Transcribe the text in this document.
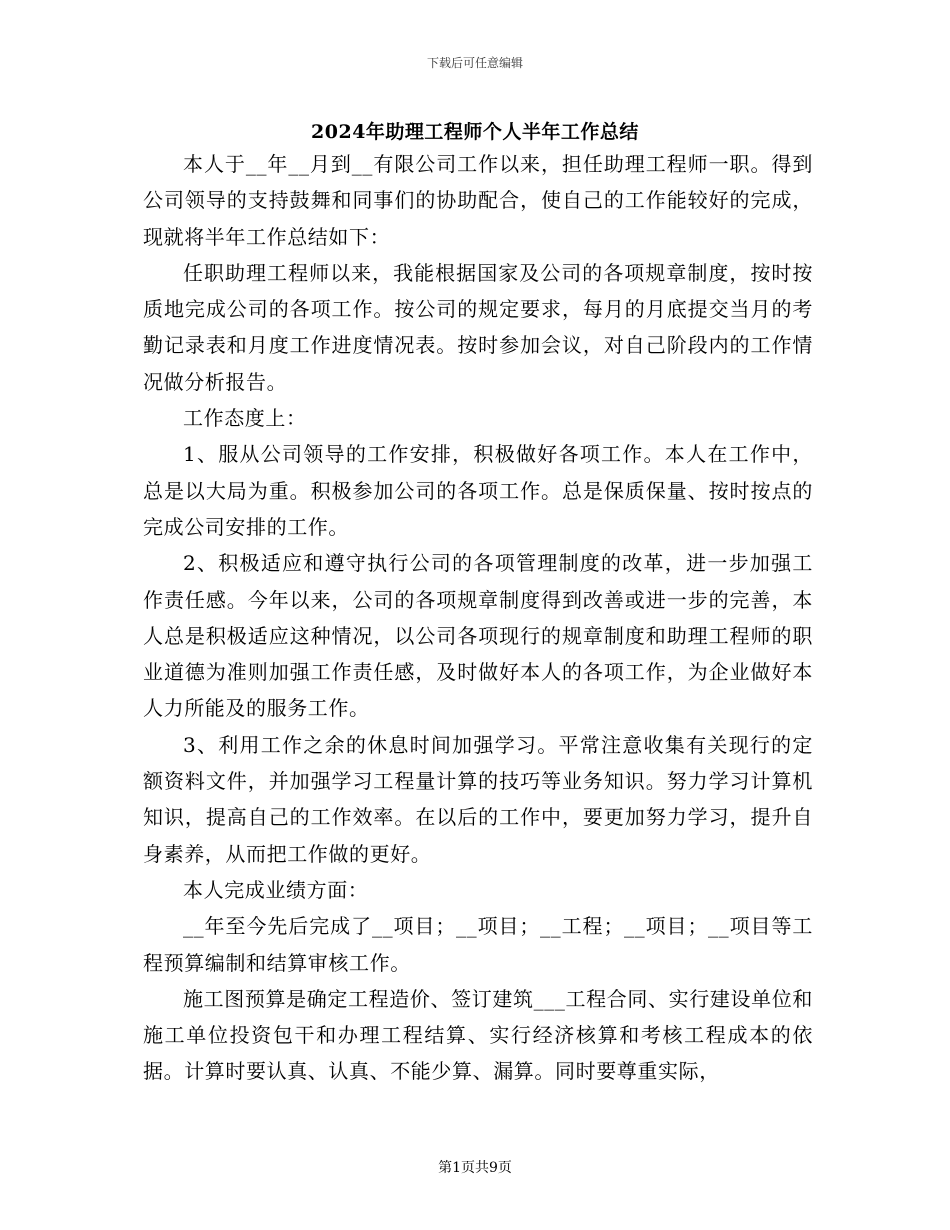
下载后可任意编辑
2024年助理工程师个人半年工作总结

本人于__年__月到__有限公司工作以来，担任助理工程师一职。得到公司领导的支持鼓舞和同事们的协助配合，使自己的工作能较好的完成，现就将半年工作总结如下：

任职助理工程师以来，我能根据国家及公司的各项规章制度，按时按质地完成公司的各项工作。按公司的规定要求，每月的月底提交当月的考勤记录表和月度工作进度情况表。按时参加会议，对自己阶段内的工作情况做分析报告。

工作态度上：

1、服从公司领导的工作安排，积极做好各项工作。本人在工作中，总是以大局为重。积极参加公司的各项工作。总是保质保量、按时按点的完成公司安排的工作。

2、积极适应和遵守执行公司的各项管理制度的改革，进一步加强工作责任感。今年以来，公司的各项规章制度得到改善或进一步的完善，本人总是积极适应这种情况，以公司各项现行的规章制度和助理工程师的职业道德为准则加强工作责任感，及时做好本人的各项工作，为企业做好本人力所能及的服务工作。

3、利用工作之余的休息时间加强学习。平常注意收集有关现行的定额资料文件，并加强学习工程量计算的技巧等业务知识。努力学习计算机知识，提高自己的工作效率。在以后的工作中，要更加努力学习，提升自身素养，从而把工作做的更好。

本人完成业绩方面：

__年至今先后完成了__项目；__项目；__工程；__项目；__项目等工程预算编制和结算审核工作。

施工图预算是确定工程造价、签订建筑___工程合同、实行建设单位和施工单位投资包干和办理工程结算、实行经济核算和考核工程成本的依据。计算时要认真、认真、不能少算、漏算。同时要尊重实际，

第1页共9页
